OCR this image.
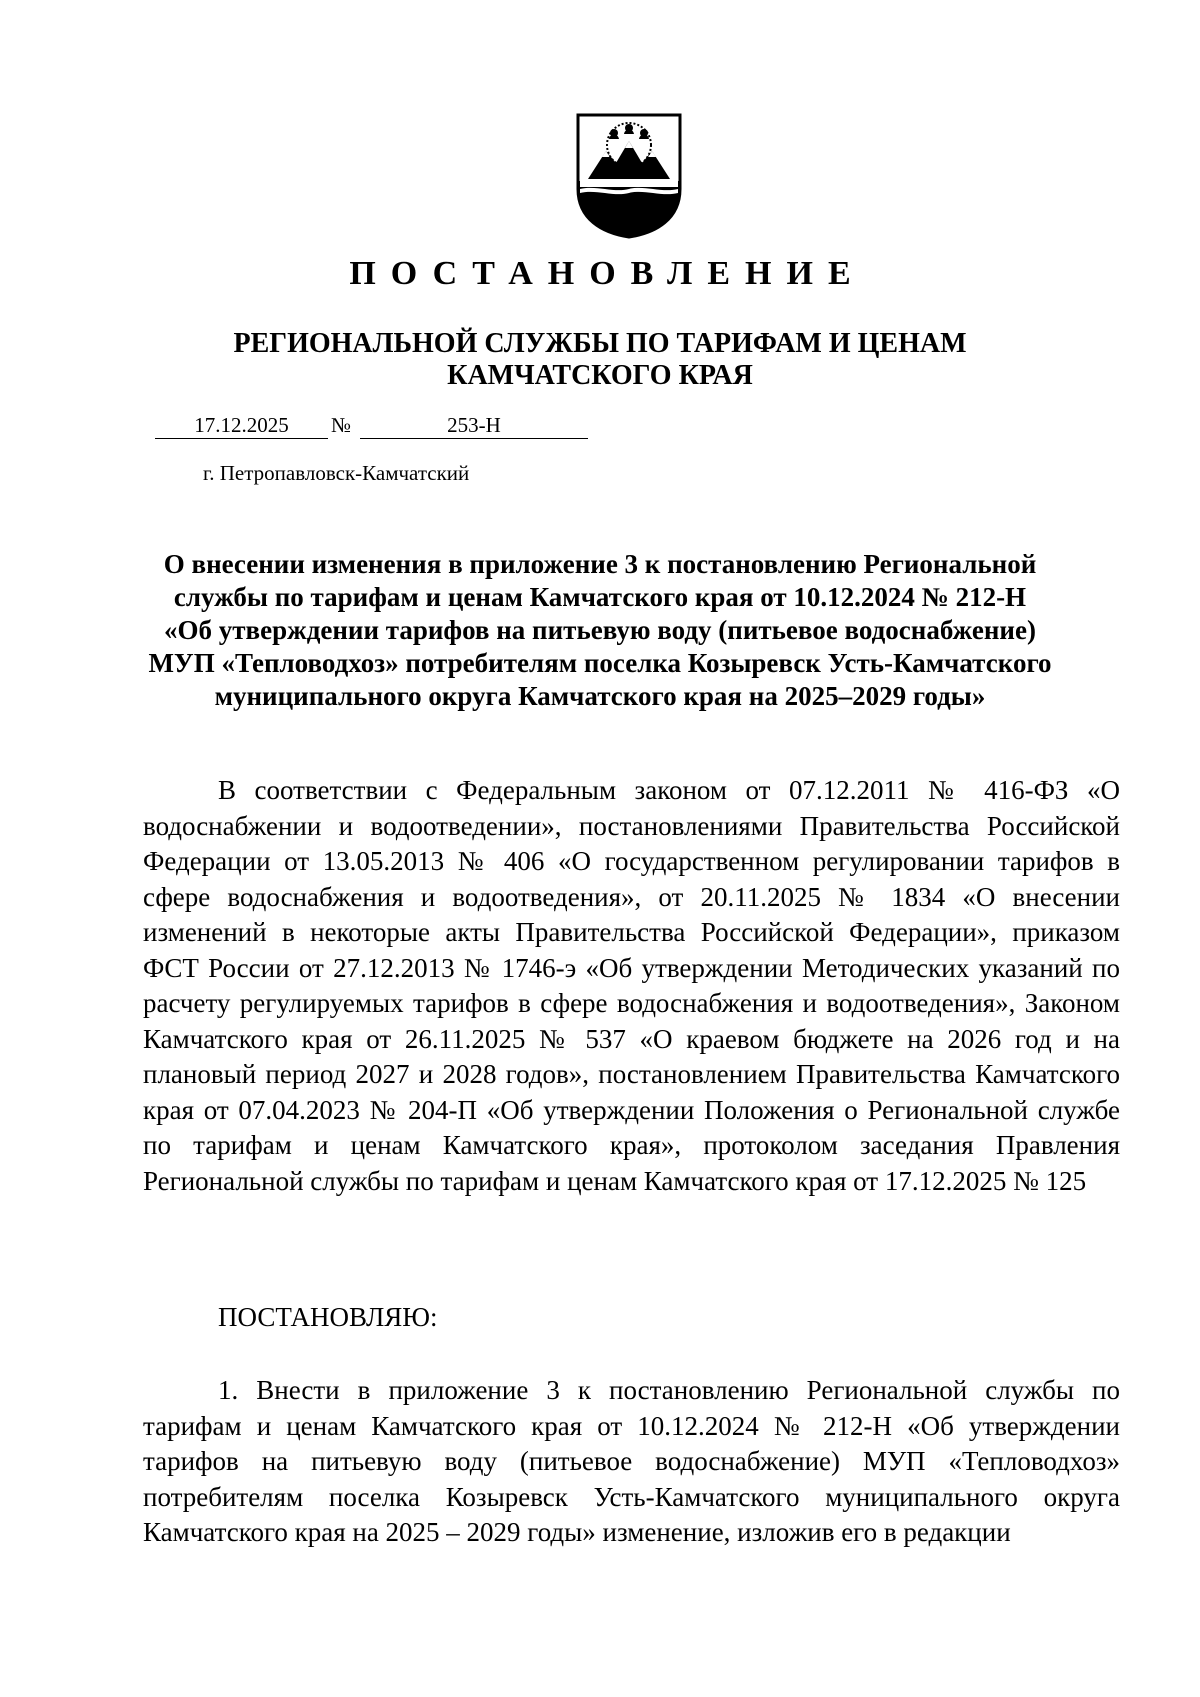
ПОСТАНОВЛЕНИЕ
РЕГИОНАЛЬНОЙ СЛУЖБЫ ПО ТАРИФАМ И ЦЕНАМ
КАМЧАТСКОГО КРАЯ
17.12.2025	№	253-Н
г. Петропавловск-Камчатский
О внесении изменения в приложение 3 к постановлению Региональной
службы по тарифам и ценам Камчатского края от 10.12.2024 № 212-Н
«Об утверждении тарифов на питьевую воду (питьевое водоснабжение)
МУП «Тепловодхоз» потребителям поселка Козыревск Усть-Камчатского
муниципального округа Камчатского края на 2025–2029 годы»

В соответствии с Федеральным законом от 07.12.2011 № 416-ФЗ «О водоснабжении и водоотведении», постановлениями Правительства Российской Федерации от 13.05.2013 № 406 «О государственном регулировании тарифов в сфере водоснабжения и водоотведения», от 20.11.2025 № 1834 «О внесении изменений в некоторые акты Правительства Российской Федерации», приказом ФСТ России от 27.12.2013 № 1746-э «Об утверждении Методических указаний по расчету регулируемых тарифов в сфере водоснабжения и водоотведения», Законом Камчатского края от 26.11.2025 № 537 «О краевом бюджете на 2026 год и на плановый период 2027 и 2028 годов», постановлением Правительства Камчатского края от 07.04.2023 № 204-П «Об утверждении Положения о Региональной службе по тарифам и ценам Камчатского края», протоколом заседания Правления Региональной службы по тарифам и ценам Камчатского края от 17.12.2025 № 125

ПОСТАНОВЛЯЮ:

1. Внести в приложение 3 к постановлению Региональной службы по тарифам и ценам Камчатского края от 10.12.2024 № 212-Н «Об утверждении тарифов на питьевую воду (питьевое водоснабжение) МУП «Тепловодхоз» потребителям поселка Козыревск Усть-Камчатского муниципального округа Камчатского края на 2025 – 2029 годы» изменение, изложив его в редакции
